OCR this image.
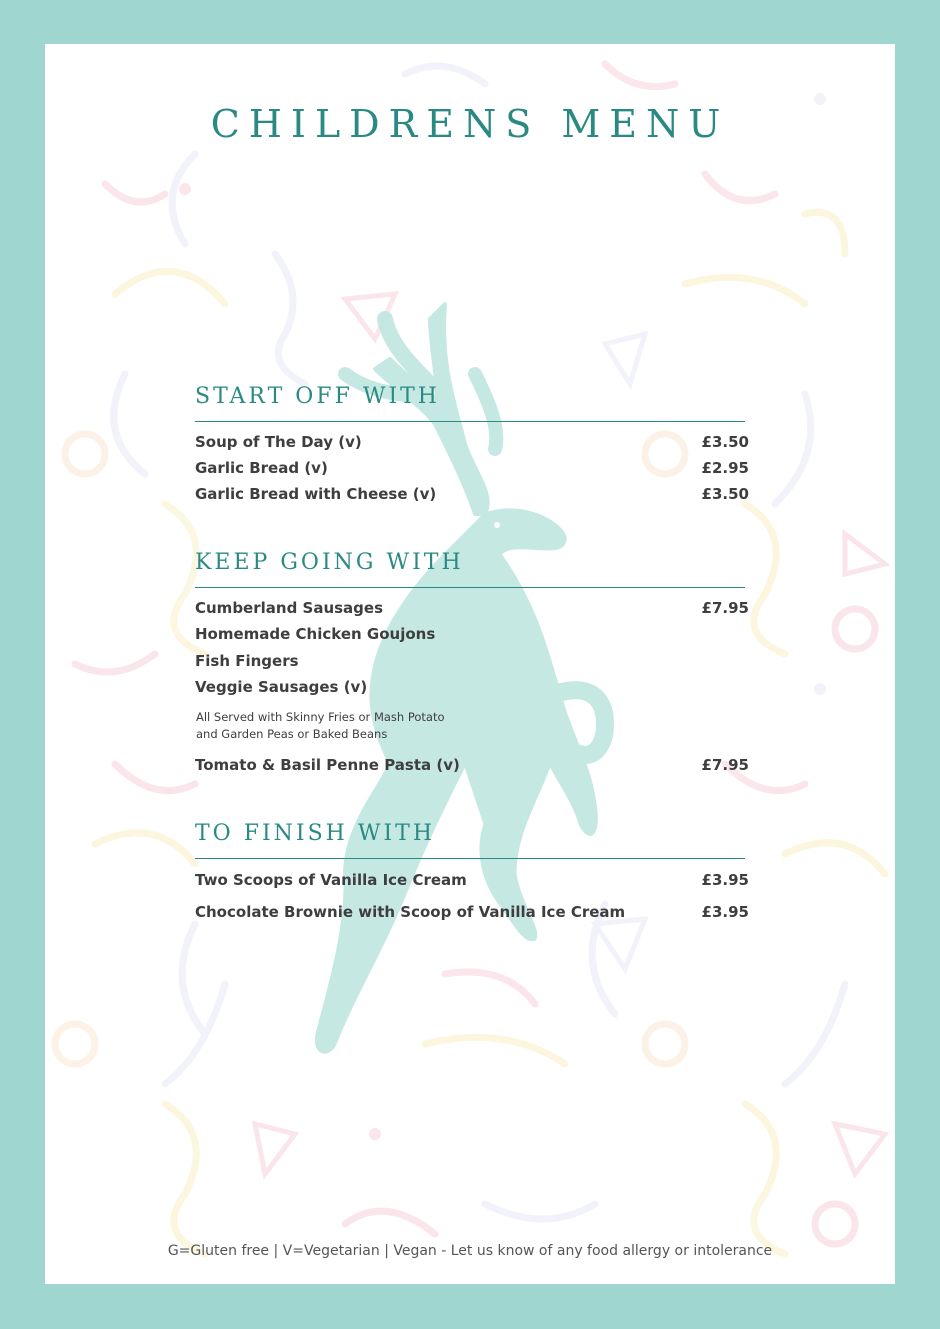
CHILDRENS MENU
START OFF WITH
Soup of The Day (v)	£3.50
Garlic Bread (v)	£2.95
Garlic Bread with Cheese (v)	£3.50
KEEP GOING WITH
Cumberland Sausages	£7.95
Homemade Chicken Goujons
Fish Fingers
Veggie Sausages (v)
All Served with Skinny Fries or Mash Potato
and Garden Peas or Baked Beans
Tomato & Basil Penne Pasta (v)	£7.95
TO FINISH WITH
Two Scoops of Vanilla Ice Cream	£3.95
Chocolate Brownie with Scoop of Vanilla Ice Cream	£3.95
G=Gluten free | V=Vegetarian | Vegan - Let us know of any food allergy or intolerance
